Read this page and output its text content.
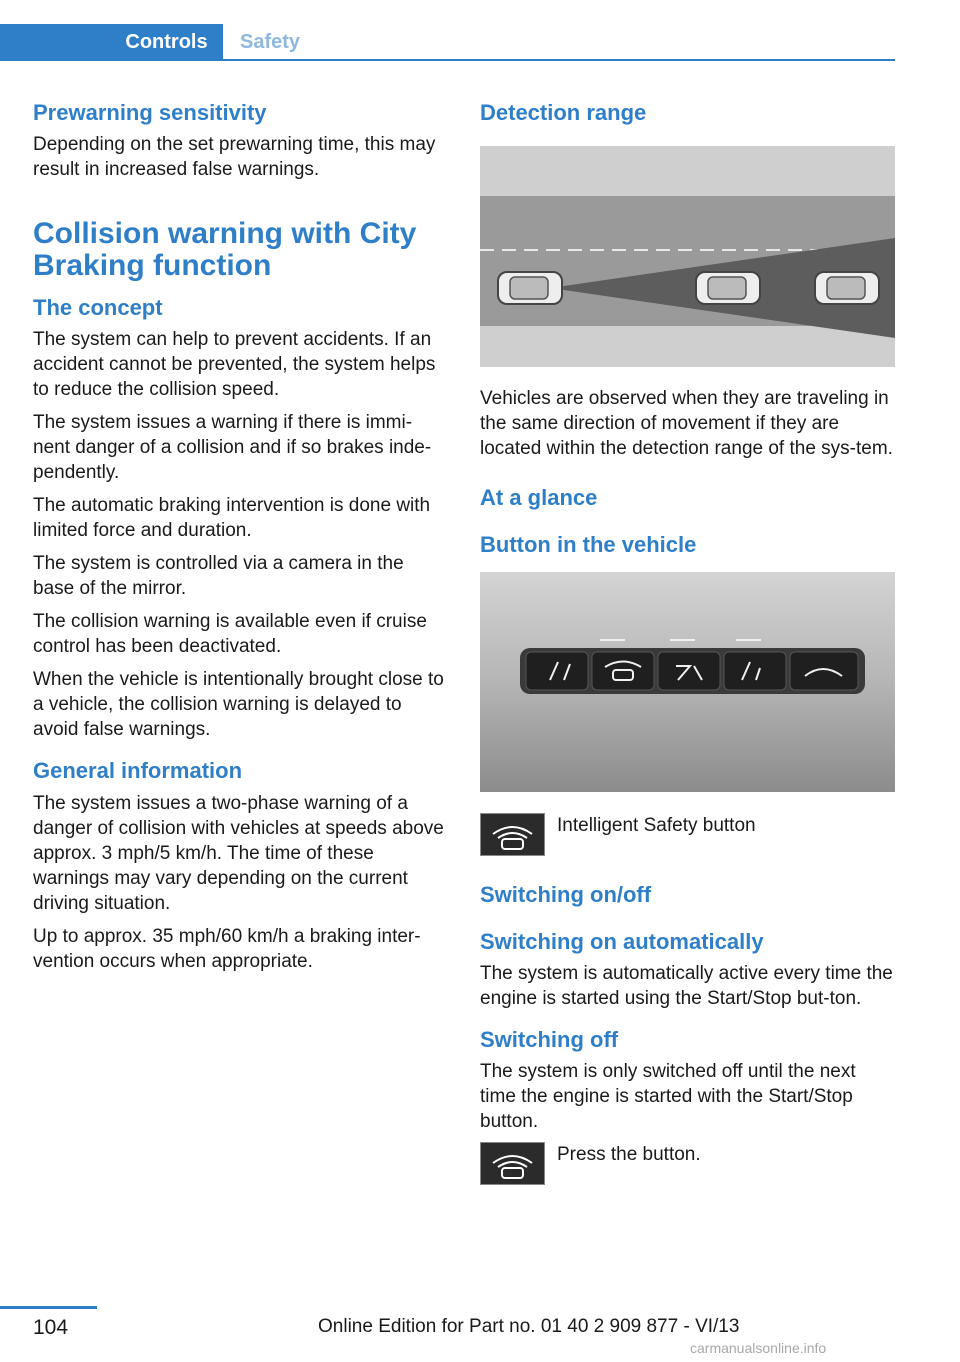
Controls Safety
Prewarning sensitivity

Depending on the set prewarning time, this may result in increased false warnings.

Collision warning with City
Braking function
The concept

The system can help to prevent accidents. If an accident cannot be prevented, the system helps to reduce the collision speed.

The system issues a warning if there is immi‐nent danger of a collision and if so brakes inde‐pendently.

The automatic braking intervention is done with limited force and duration.

The system is controlled via a camera in the base of the mirror.

The collision warning is available even if cruise control has been deactivated.

When the vehicle is intentionally brought close to a vehicle, the collision warning is delayed to avoid false warnings.

General information

The system issues a two-phase warning of a danger of collision with vehicles at speeds above approx. 3 mph/5 km/h. The time of these warnings may vary depending on the current driving situation.

Up to approx. 35 mph/60 km/h a braking inter‐vention occurs when appropriate.

Detection range

Vehicles are observed when they are traveling in the same direction of movement if they are located within the detection range of the sys‐tem.

At a glance
Button in the vehicle

Intelligent Safety button

Switching on/off
Switching on automatically

The system is automatically active every time the engine is started using the Start/Stop but‐ton.

Switching off

The system is only switched off until the next time the engine is started with the Start/Stop button.

Press the button.

104	Online Edition for Part no. 01 40 2 909 877 - VI/13
carmanualsonline.info
